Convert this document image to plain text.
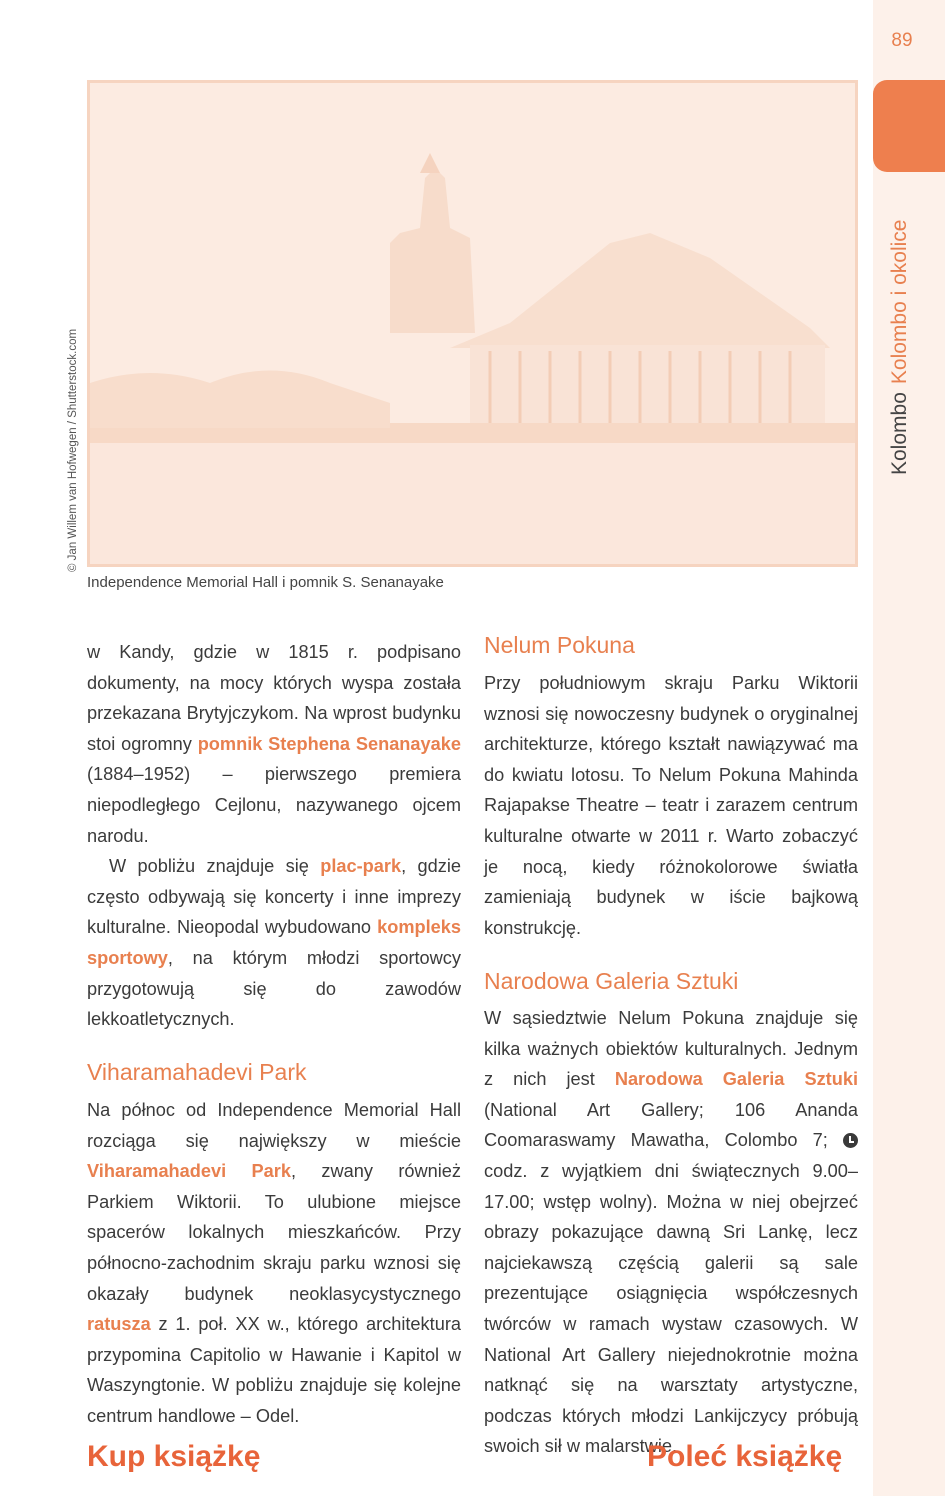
89
KolomboKolombo i okolice
© Jan Willem van Hofwegen / Shutterstock.com
Independence Memorial Hall i pomnik S. Senanayake

w Kandy, gdzie w 1815 r. podpisano dokumenty, na mocy których wyspa została przekazana Brytyjczykom. Na wprost budynku stoi ogromny pomnik Stephena Senanayake (1884–1952) – pierwszego premiera niepodległego Cejlonu, nazywanego ojcem narodu.

W pobliżu znajduje się plac-park, gdzie często odbywają się koncerty i inne imprezy kulturalne. Nieopodal wybudowano kompleks sportowy, na którym młodzi sportowcy przygotowują się do zawodów lekkoatletycznych.

Viharamahadevi Park

Na północ od Independence Memorial Hall rozciąga się największy w mieście Viharamahadevi Park, zwany również Parkiem Wiktorii. To ulubione miejsce spacerów lokalnych mieszkańców. Przy północno-zachodnim skraju parku wznosi się okazały budynek neoklasycystycznego ratusza z 1. poł. XX w., którego architektura przypomina Capitolio w Hawanie i Kapitol w Waszyngtonie. W pobliżu znajduje się kolejne centrum handlowe – Odel.

Nelum Pokuna

Przy południowym skraju Parku Wiktorii wznosi się nowoczesny budynek o oryginalnej architekturze, którego kształt nawiązywać ma do kwiatu lotosu. To Nelum Pokuna Mahinda Rajapakse Theatre – teatr i zarazem centrum kulturalne otwarte w 2011 r. Warto zobaczyć je nocą, kiedy różnokolorowe światła zamieniają budynek w iście bajkową konstrukcję.

Narodowa Galeria Sztuki

W sąsiedztwie Nelum Pokuna znajduje się kilka ważnych obiektów kulturalnych. Jednym z nich jest Narodowa Galeria Sztuki (National Art Gallery; 106 Ananda Coomaraswamy Mawatha, Colombo 7;  codz. z wyjątkiem dni świątecznych 9.00–17.00; wstęp wolny). Można w niej obejrzeć obrazy pokazujące dawną Sri Lankę, lecz najciekawszą częścią galerii są sale prezentujące osiągnięcia współczesnych twórców w ramach wystaw czasowych. W National Art Gallery niejednokrotnie można natknąć się na warsztaty artystyczne, podczas których młodzi Lankijczycy próbują swoich sił w malarstwie.

Kup książkę	Poleć książkę
